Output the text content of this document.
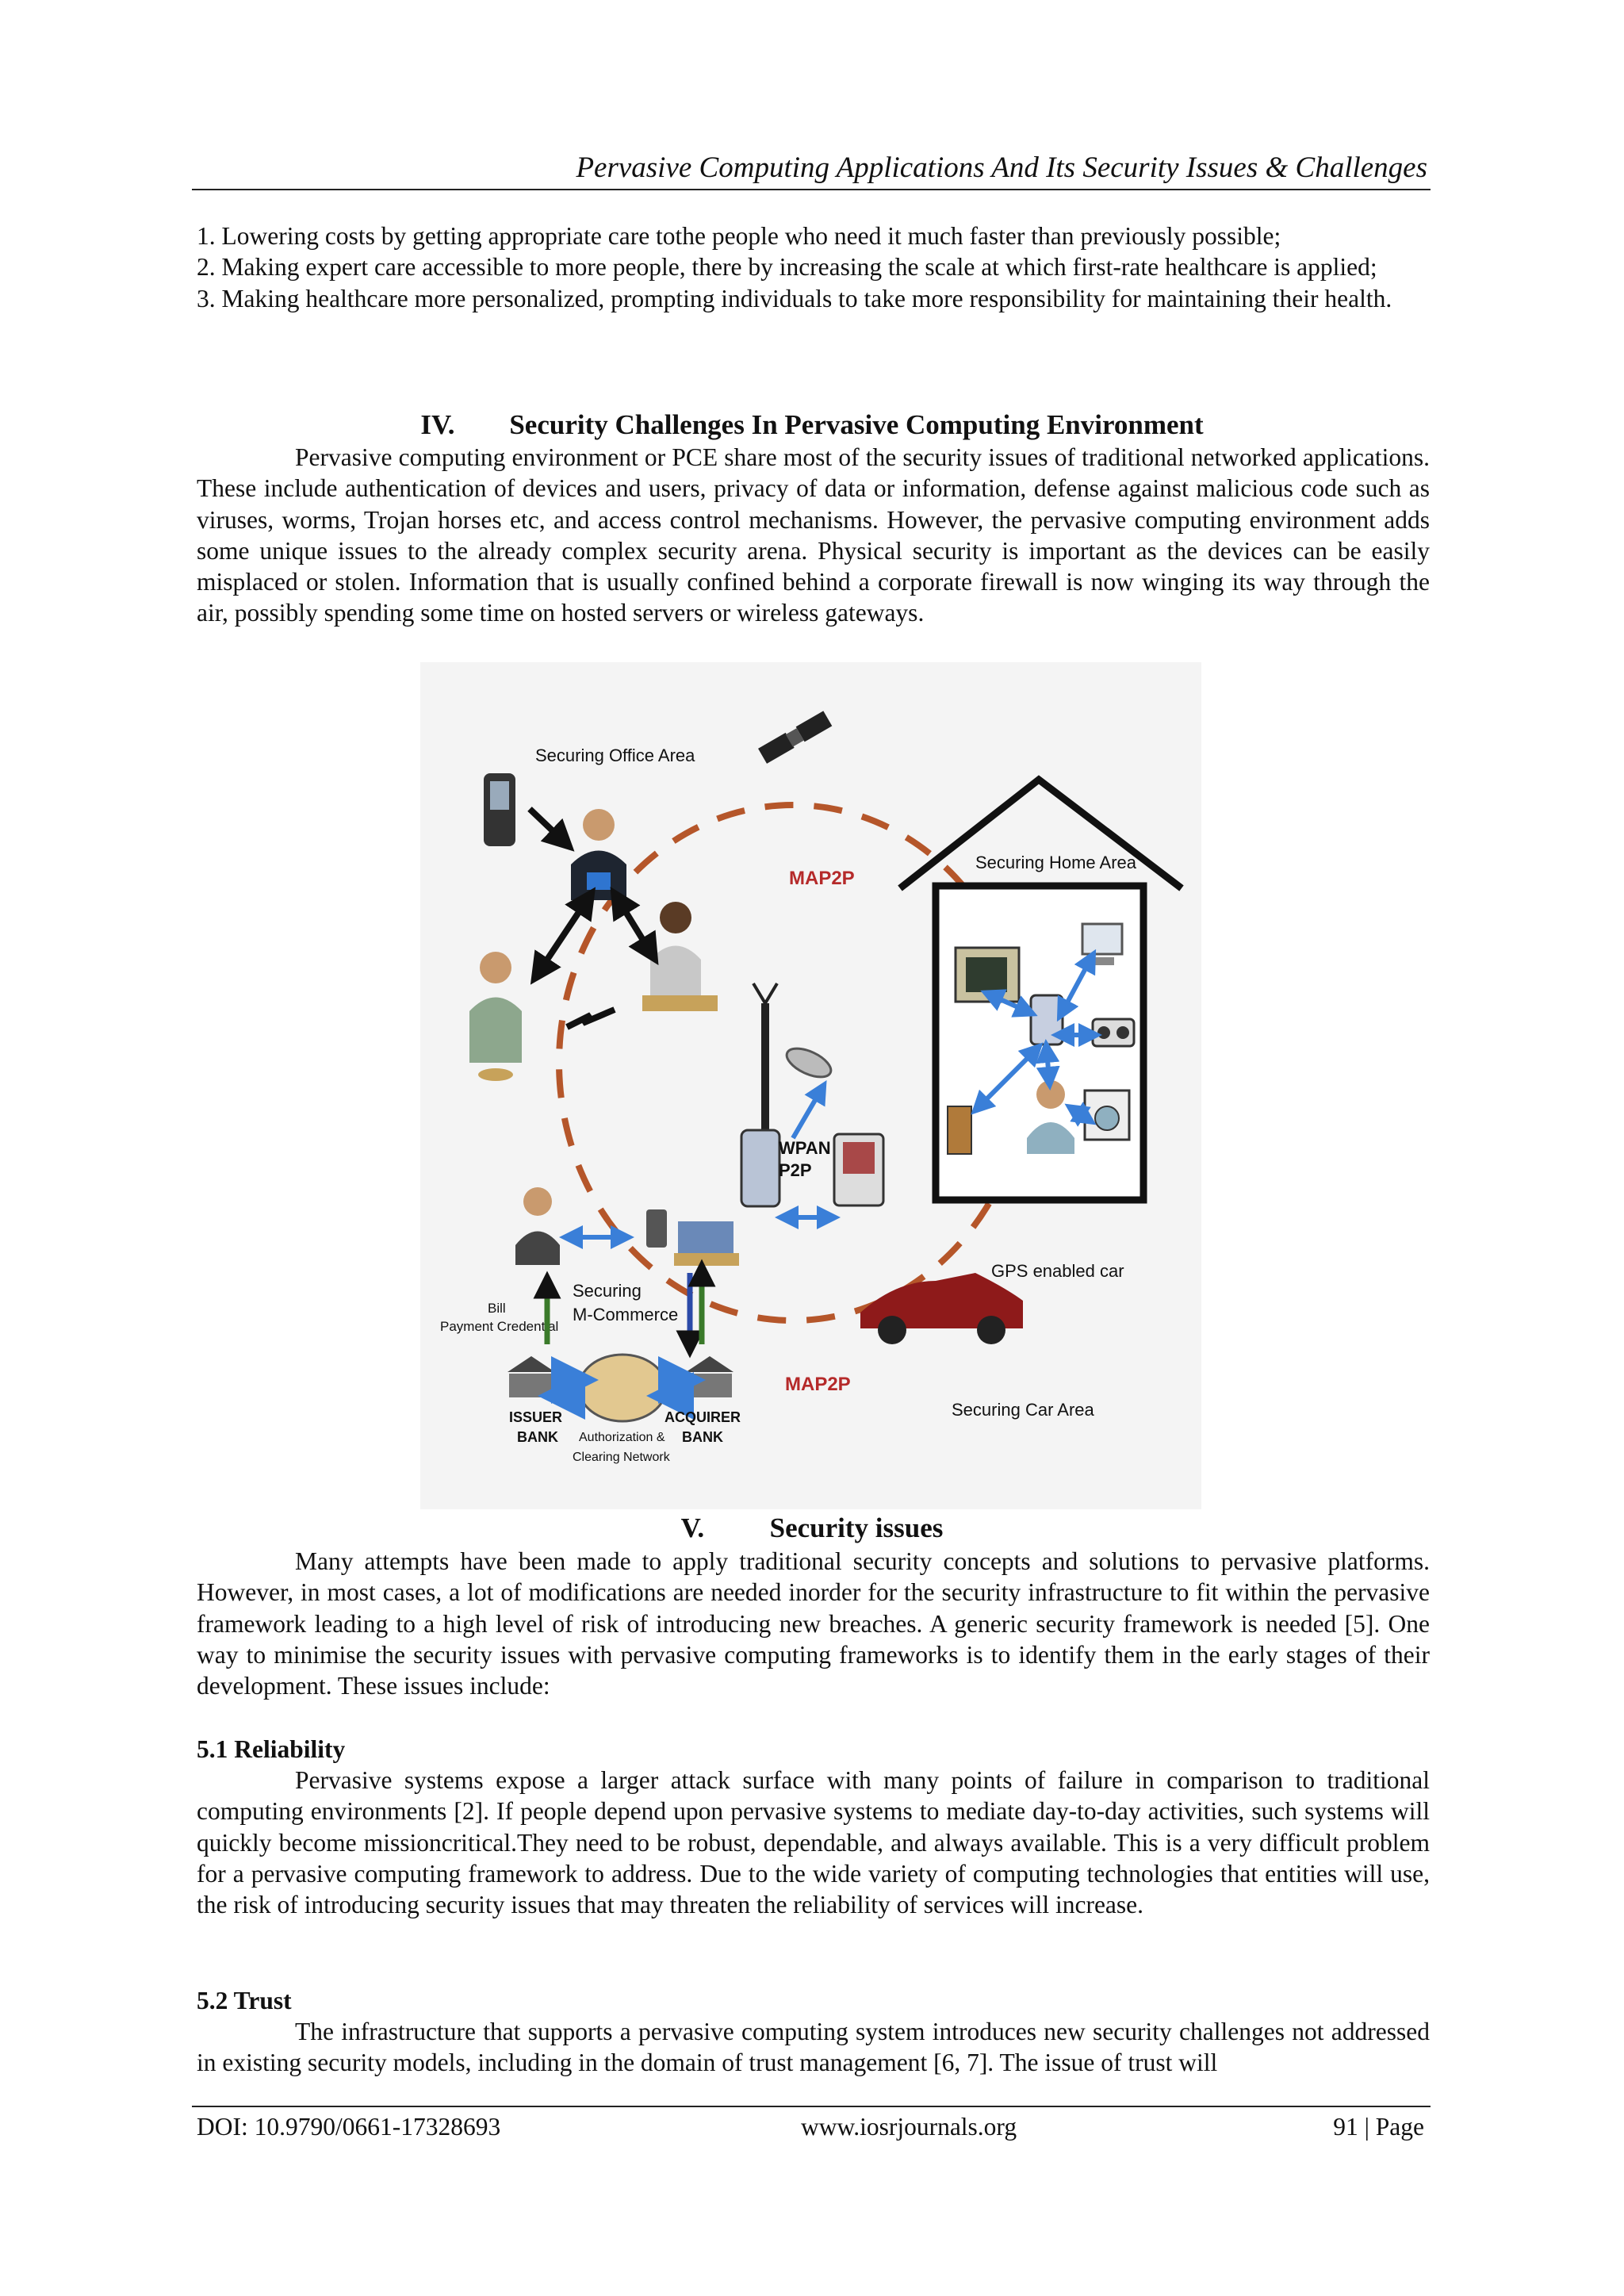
Pervasive Computing Applications And Its Security Issues & Challenges

1. Lowering costs by getting appropriate care tothe people who need it much faster than previously possible;

2. Making expert care accessible to more people, there by increasing the scale at which first-rate healthcare is applied;

3. Making healthcare more personalized, prompting individuals to take more responsibility for maintaining their health.

IV. Security Challenges In Pervasive Computing Environment

Pervasive computing environment or PCE share most of the security issues of traditional networked applications. These include authentication of devices and users, privacy of data or information, defense against malicious code such as viruses, worms, Trojan horses etc, and access control mechanisms. However, the pervasive computing environment adds some unique issues to the already complex security arena. Physical security is important as the devices can be easily misplaced or stolen. Information that is usually confined behind a corporate firewall is now winging its way through the air, possibly spending some time on hosted servers or wireless gateways.

Securing Office Area
MAP2P
Securing Home Area
WPAN
P2P
GPS enabled car
Securing Car Area
MAP2P
Securing
M-Commerce
Bill
Payment Credential
ISSUER
BANK
ACQUIRER
BANK
Authorization &
Clearing Network
V. Security issues

Many attempts have been made to apply traditional security concepts and solutions to pervasive platforms. However, in most cases, a lot of modifications are needed inorder for the security infrastructure to fit within the pervasive framework leading to a high level of risk of introducing new breaches. A generic security framework is needed [5]. One way to minimise the security issues with pervasive computing frameworks is to identify them in the early stages of their development. These issues include:

5.1 Reliability

Pervasive systems expose a larger attack surface with many points of failure in comparison to traditional computing environments [2]. If people depend upon pervasive systems to mediate day-to-day activities, such systems will quickly become missioncritical.They need to be robust, dependable, and always available. This is a very difficult problem for a pervasive computing framework to address. Due to the wide variety of computing technologies that entities will use, the risk of introducing security issues that may threaten the reliability of services will increase.

5.2 Trust

The infrastructure that supports a pervasive computing system introduces new security challenges not addressed in existing security models, including in the domain of trust management [6, 7]. The issue of trust will

DOI: 10.9790/0661-17328693	www.iosrjournals.org	91 | Page
